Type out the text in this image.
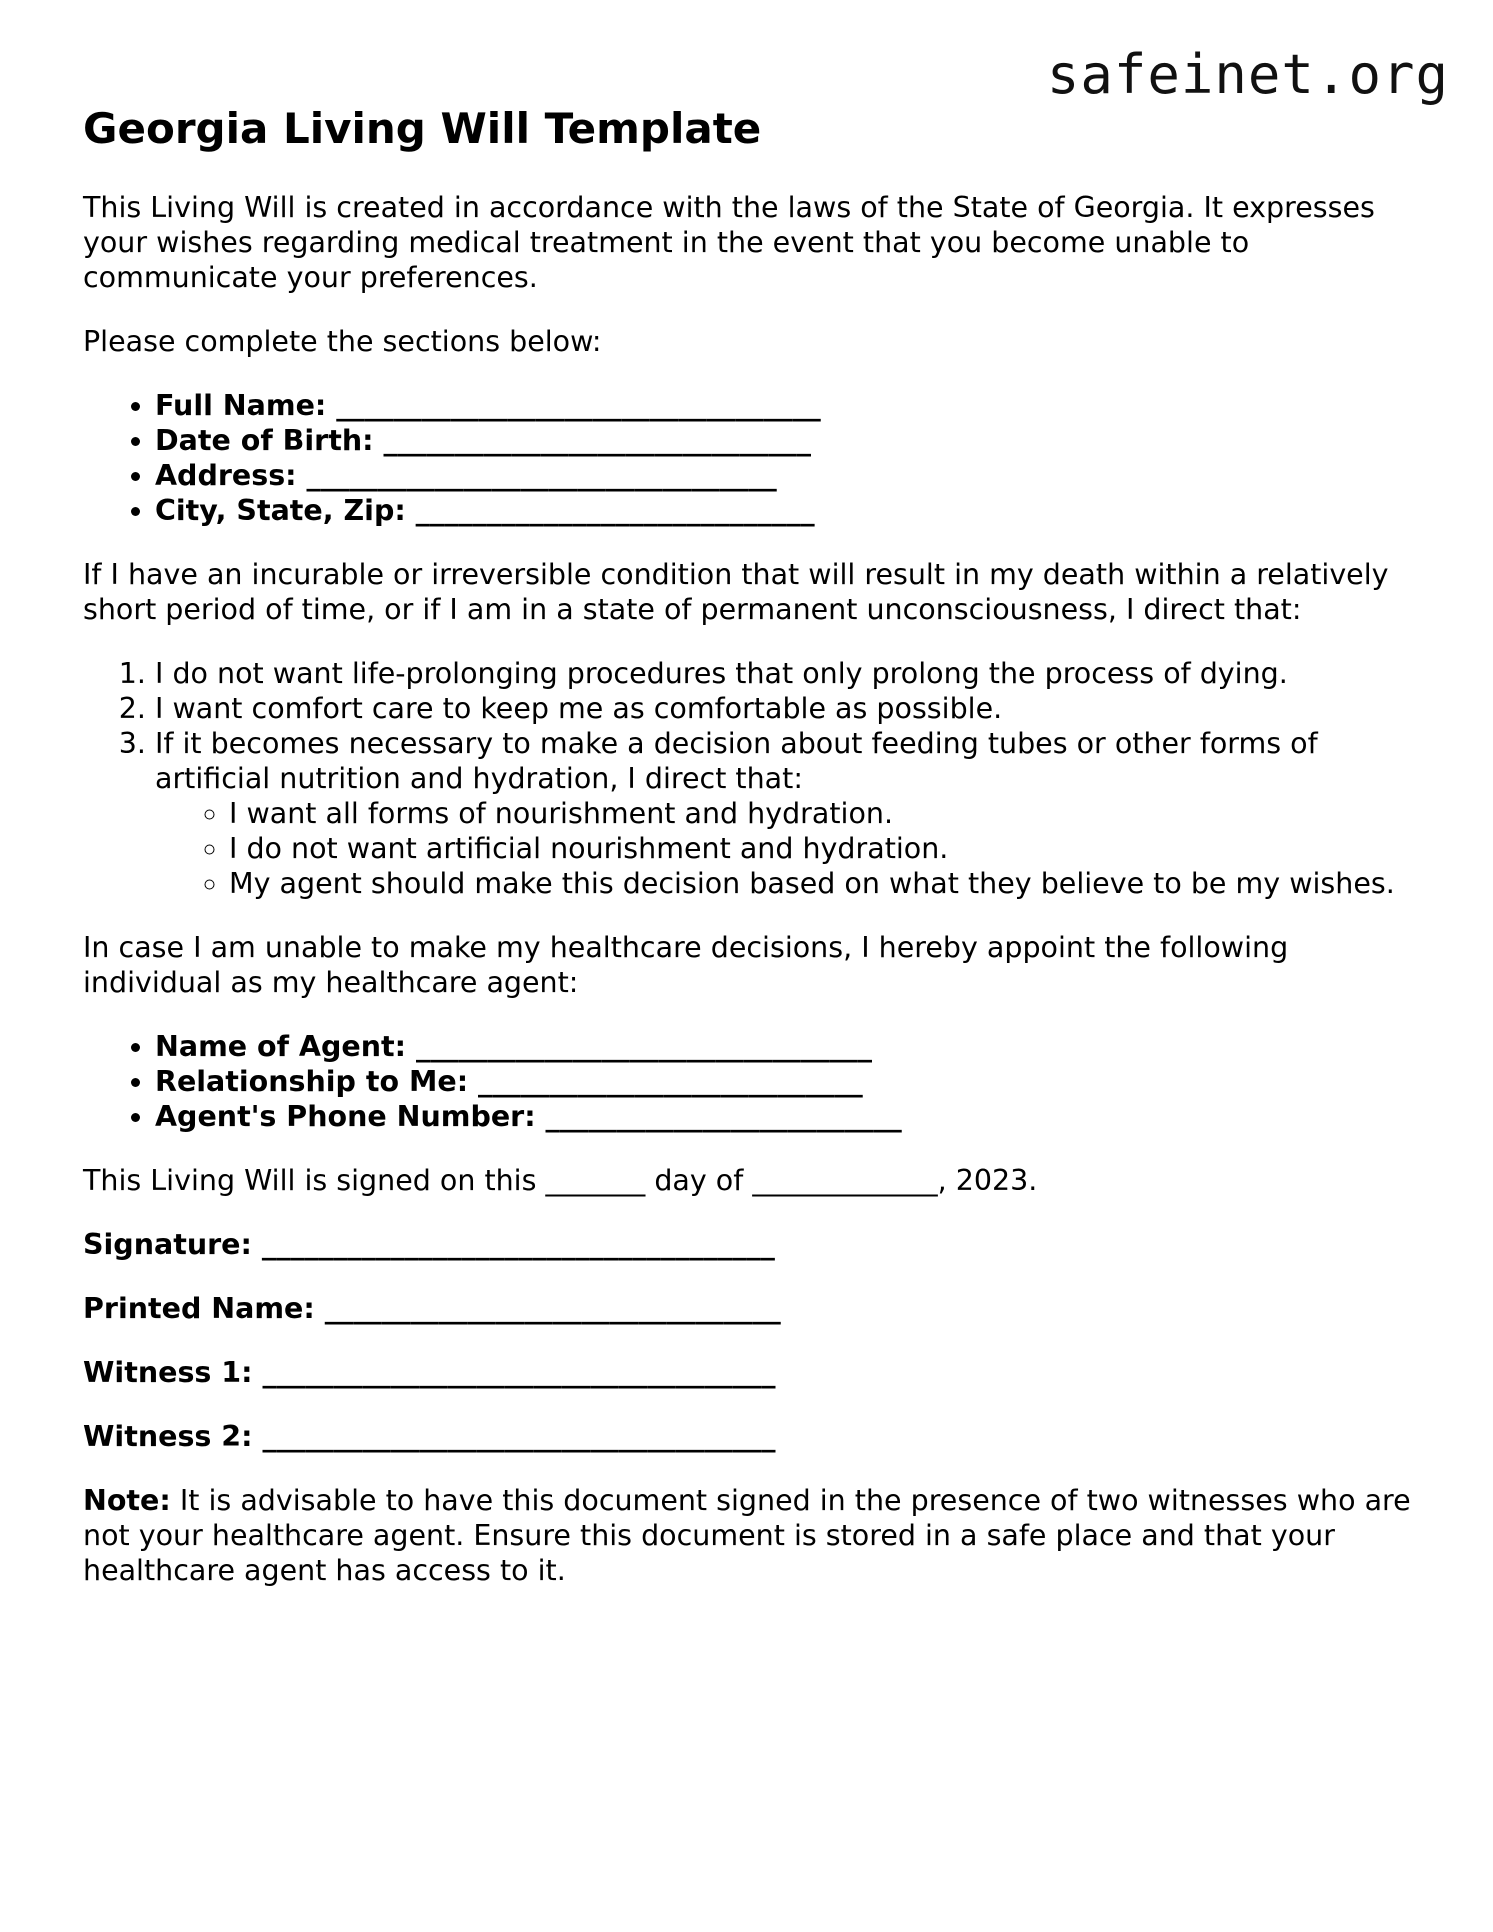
safeinet.org
Georgia Living Will Template

This Living Will is created in accordance with the laws of the State of Georgia. It expresses your wishes regarding medical treatment in the event that you become unable to communicate your preferences.

Please complete the sections below:

• Full Name: __________________________________
• Date of Birth: ______________________________
• Address: _________________________________
• City, State, Zip: ____________________________

If I have an incurable or irreversible condition that will result in my death within a relatively short period of time, or if I am in a state of permanent unconsciousness, I direct that:

1. I do not want life-prolonging procedures that only prolong the process of dying.
2. I want comfort care to keep me as comfortable as possible.
3. If it becomes necessary to make a decision about feeding tubes or other forms of artificial nutrition and hydration, I direct that:
◦ I want all forms of nourishment and hydration.
◦ I do not want artificial nourishment and hydration.
◦ My agent should make this decision based on what they believe to be my wishes.

In case I am unable to make my healthcare decisions, I hereby appoint the following individual as my healthcare agent:

• Name of Agent: ________________________________
• Relationship to Me: ___________________________
• Agent's Phone Number: _________________________

This Living Will is signed on this _______ day of _____________, 2023.

Signature: ____________________________________
Printed Name: ________________________________
Witness 1: ____________________________________
Witness 2: ____________________________________

Note: It is advisable to have this document signed in the presence of two witnesses who are not your healthcare agent. Ensure this document is stored in a safe place and that your healthcare agent has access to it.
